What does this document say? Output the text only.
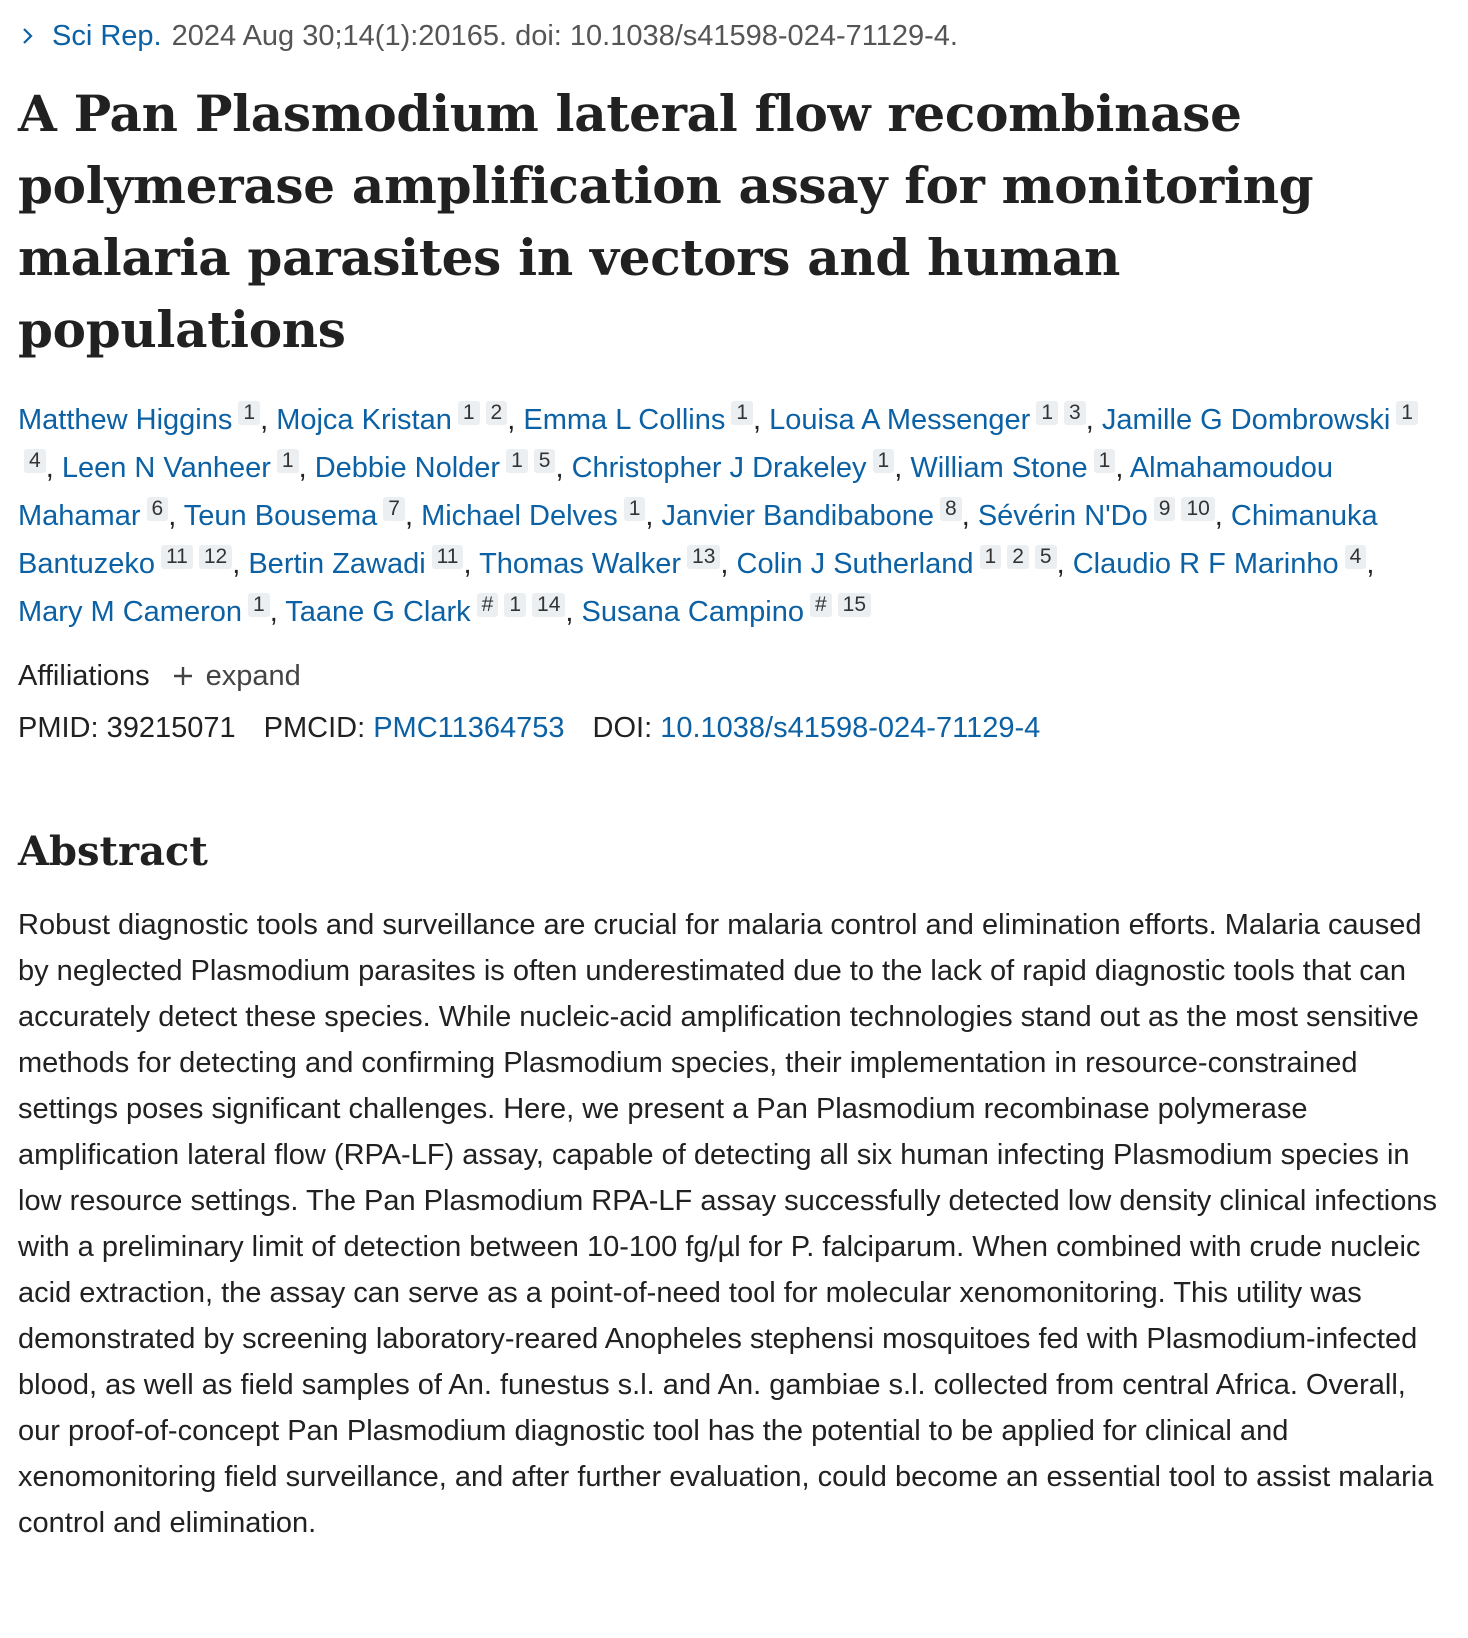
Sci Rep. 2024 Aug 30;14(1):20165. doi: 10.1038/s41598-024-71129-4.
A Pan Plasmodium lateral flow recombinase polymerase amplification assay for monitoring malaria parasites in vectors and human populations
Matthew Higgins 1 , Mojca Kristan 1 2 , Emma L Collins 1 , Louisa A Messenger 1 3 , Jamille G Dombrowski 14 , Leen N Vanheer 1 , Debbie Nolder 1 5 , Christopher J Drakeley 1 , William Stone 1 , Almahamoudou Mahamar 6 , Teun Bousema 7 , Michael Delves 1 , Janvier Bandibabone 8 , Sévérin N'Do 9 10 , Chimanuka Bantuzeko 11 12 , Bertin Zawadi 11 , Thomas Walker 13 , Colin J Sutherland 1 2 5 , Claudio R F Marinho 4 , Mary M Cameron 1 , Taane G Clark # 1 14 , Susana Campino # 15
Affiliations expand
PMID: 39215071 PMCID: PMC11364753 DOI: 10.1038/s41598-024-71129-4
Abstract

Robust diagnostic tools and surveillance are crucial for malaria control and elimination efforts. Malaria caused by neglected Plasmodium parasites is often underestimated due to the lack of rapid diagnostic tools that can accurately detect these species. While nucleic-acid amplification technologies stand out as the most sensitive methods for detecting and confirming Plasmodium species, their implementation in resource-constrained settings poses significant challenges. Here, we present a Pan Plasmodium recombinase polymerase amplification lateral flow (RPA-LF) assay, capable of detecting all six human infecting Plasmodium species in low resource settings. The Pan Plasmodium RPA-LF assay successfully detected low density clinical infections with a preliminary limit of detection between 10-100 fg/µl for P. falciparum. When combined with crude nucleic acid extraction, the assay can serve as a point-of-need tool for molecular xenomonitoring. This utility was demonstrated by screening laboratory-reared Anopheles stephensi mosquitoes fed with Plasmodium-infected blood, as well as field samples of An. funestus s.l. and An. gambiae s.l. collected from central Africa. Overall, our proof-of-concept Pan Plasmodium diagnostic tool has the potential to be applied for clinical and xenomonitoring field surveillance, and after further evaluation, could become an essential tool to assist malaria control and elimination.
